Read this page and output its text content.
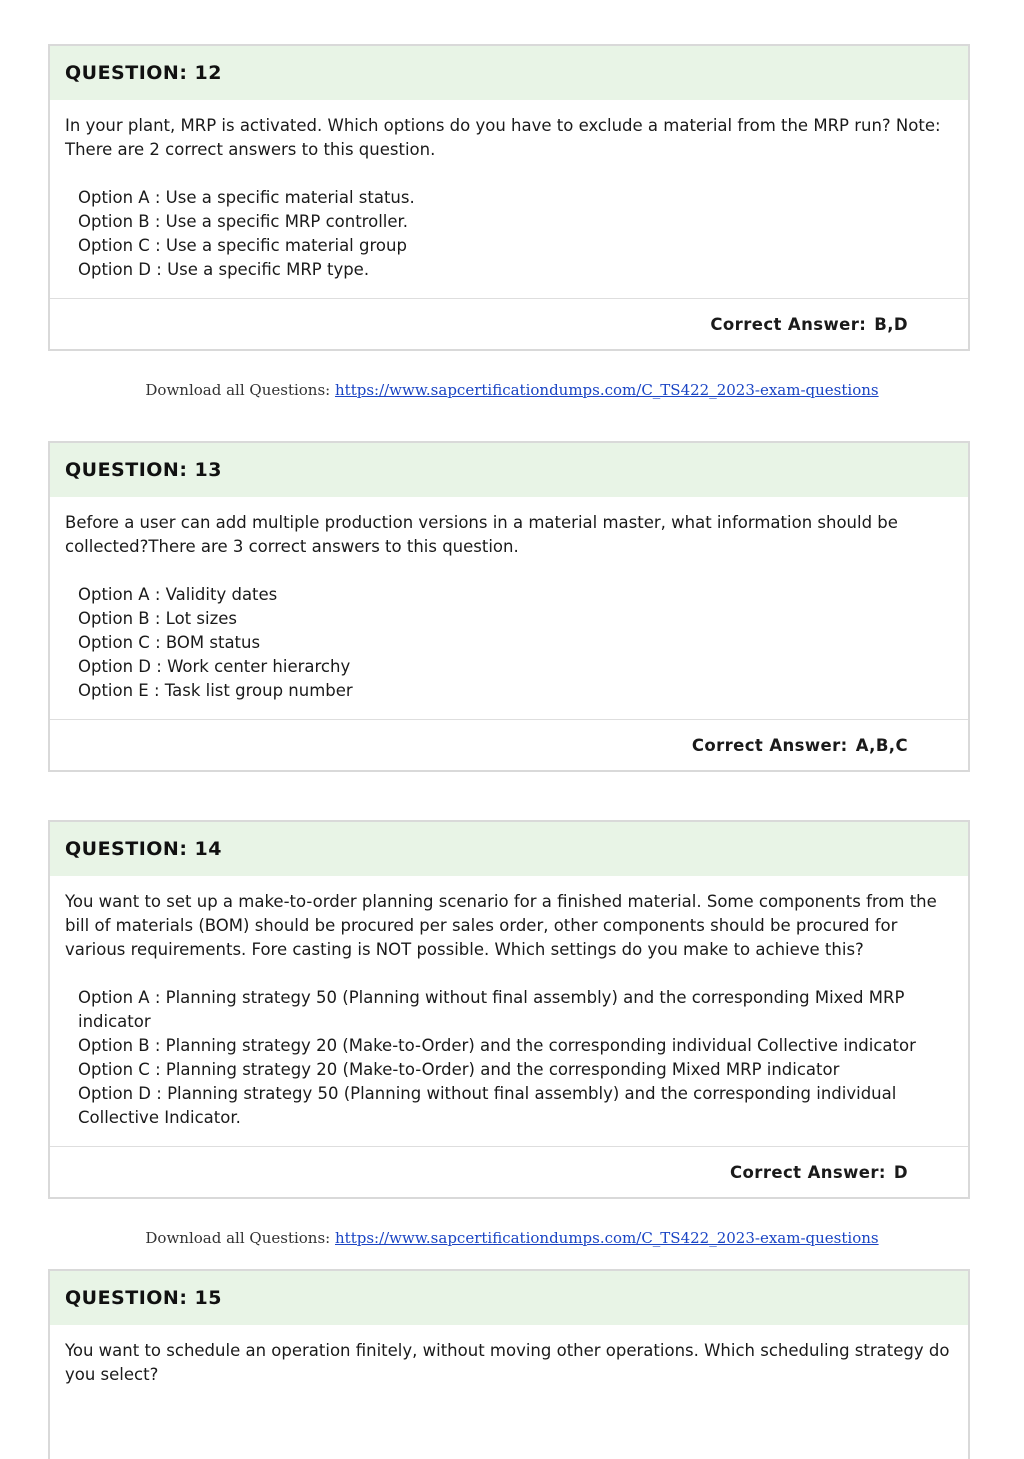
QUESTION: 12

In your plant, MRP is activated. Which options do you have to exclude a material from the MRP run? Note: There are 2 correct answers to this question.

Option A : Use a specific material status.

Option B : Use a specific MRP controller.

Option C : Use a specific material group

Option D : Use a specific MRP type.

Correct Answer: B,D
Download all Questions: https://www.sapcertificationdumps.com/C_TS422_2023-exam-questions
QUESTION: 13

Before a user can add multiple production versions in a material master, what information should be collected?There are 3 correct answers to this question.

Option A : Validity dates

Option B : Lot sizes

Option C : BOM status

Option D : Work center hierarchy

Option E : Task list group number

Correct Answer: A,B,C
QUESTION: 14

You want to set up a make-to-order planning scenario for a finished material. Some components from the bill of materials (BOM) should be procured per sales order, other components should be procured for various requirements. Fore casting is NOT possible. Which settings do you make to achieve this?

Option A : Planning strategy 50 (Planning without final assembly) and the corresponding Mixed MRP indicator

Option B : Planning strategy 20 (Make-to-Order) and the corresponding individual Collective indicator

Option C : Planning strategy 20 (Make-to-Order) and the corresponding Mixed MRP indicator

Option D : Planning strategy 50 (Planning without final assembly) and the corresponding individual Collective Indicator.

Correct Answer: D
Download all Questions: https://www.sapcertificationdumps.com/C_TS422_2023-exam-questions
QUESTION: 15

You want to schedule an operation finitely, without moving other operations. Which scheduling strategy do you select?
